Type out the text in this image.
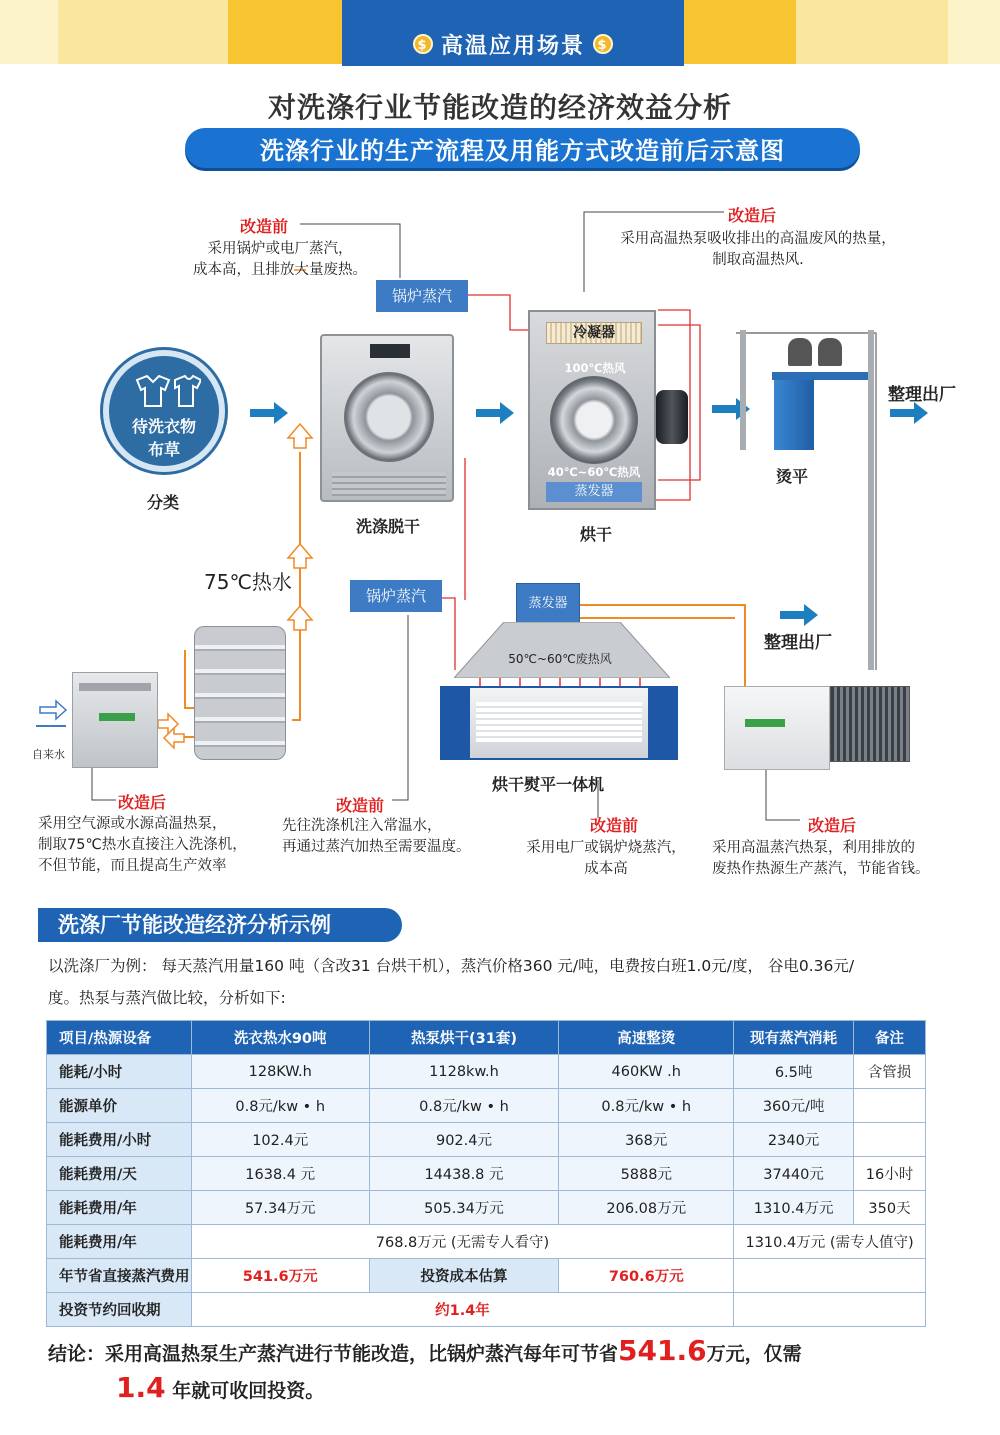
$ 高温应用场景 $
对洗涤行业节能改造的经济效益分析
洗涤行业的生产流程及用能方式改造前后示意图
改造前
采用锅炉或电厂蒸汽，
成本高，且排放大量废热。
改造后
采用高温热泵吸收排出的高温废风的热量，
制取高温热风.
锅炉蒸汽
锅炉蒸汽
待洗衣物
布草
分类
洗涤脱干
冷凝器
100℃热风
40℃~60℃热风
蒸发器
烘干
烫平
整理出厂
整理出厂
75℃热水
自来水
蒸发器
50℃~60℃废热风
烘干熨平一体机
改造后
采用空气源或水源高温热泵，
制取75℃热水直接注入洗涤机，
不但节能，而且提高生产效率
改造前
先往洗涤机注入常温水，
再通过蒸汽加热至需要温度。
改造前
采用电厂或锅炉烧蒸汽，
成本高
改造后
采用高温蒸汽热泵，利用排放的
废热作热源生产蒸汽，节能省钱。
洗涤厂节能改造经济分析示例
以洗涤厂为例： 每天蒸汽用量160 吨（含改31 台烘干机），蒸汽价格360 元/吨，电费按白班1.0元/度， 谷电0.36元/
度。热泵与蒸汽做比较，分析如下:
项目/热源设备	洗衣热水90吨	热泵烘干(31套)	高速整烫	现有蒸汽消耗	备注
能耗/小时	128KW.h	1128kw.h	460KW .h	6.5吨	含管损
能源单价	0.8元/kw • h	0.8元/kw • h	0.8元/kw • h	360元/吨	
能耗费用/小时	102.4元	902.4元	368元	2340元	
能耗费用/天	1638.4 元	14438.8 元	5888元	37440元	16小时
能耗费用/年	57.34万元	505.34万元	206.08万元	1310.4万元	350天
能耗费用/年	768.8万元 (无需专人看守)			1310.4万元 (需专人值守)	
年节省直接蒸汽费用	541.6万元	投资成本估算	760.6万元		
投资节约回收期	约1.4年				
结论：采用高温热泵生产蒸汽进行节能改造，比锅炉蒸汽每年可节省541.6万元，仅需
1.4 年就可收回投资。
